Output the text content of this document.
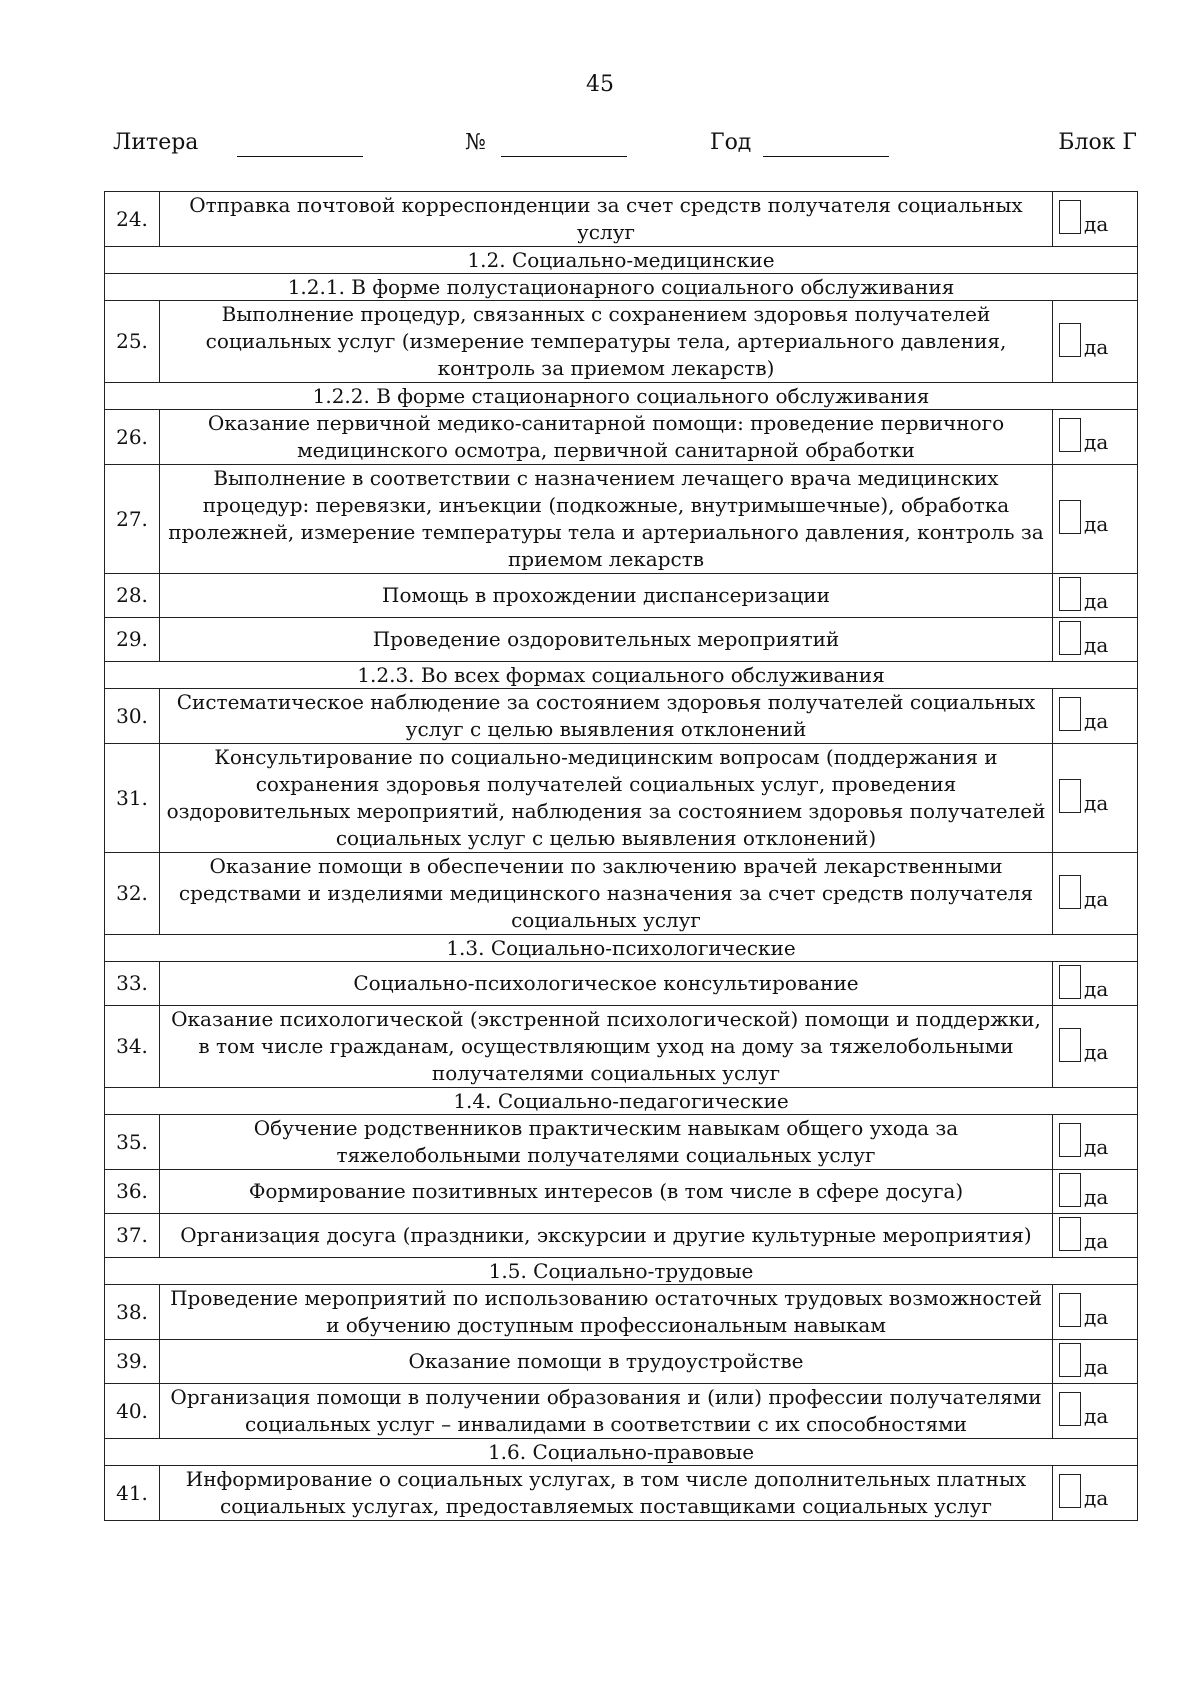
45
Литера	№	Год	Блок Г
24.	Отправка почтовой корреспонденции за счет средств получателя социальных услуг	да

1.2. Социально-медицинские		
1.2.1. В форме полустационарного социального обслуживания		
25.	Выполнение процедур, связанных с сохранением здоровья получателей социальных услуг (измерение температуры тела, артериального давления, контроль за приемом лекарств)	да

1.2.2. В форме стационарного социального обслуживания		
26.	Оказание первичной медико-санитарной помощи: проведение первичного медицинского осмотра, первичной санитарной обработки	да

27.	Выполнение в соответствии с назначением лечащего врача медицинских процедур: перевязки, инъекции (подкожные, внутримышечные), обработка пролежней, измерение температуры тела и артериального давления, контроль за приемом лекарств	да

28.	Помощь в прохождении диспансеризации	да

29.	Проведение оздоровительных мероприятий	да

1.2.3. Во всех формах социального обслуживания		
30.	Систематическое наблюдение за состоянием здоровья получателей социальных услуг с целью выявления отклонений	да

31.	Консультирование по социально-медицинским вопросам (поддержания и сохранения здоровья получателей социальных услуг, проведения оздоровительных мероприятий, наблюдения за состоянием здоровья получателей социальных услуг с целью выявления отклонений)	да

32.	Оказание помощи в обеспечении по заключению врачей лекарственными средствами и изделиями медицинского назначения за счет средств получателя социальных услуг	да

1.3. Социально-психологические		
33.	Социально-психологическое консультирование	да

34.	Оказание психологической (экстренной психологической) помощи и поддержки, в том числе гражданам, осуществляющим уход на дому за тяжелобольными получателями социальных услуг	да

1.4. Социально-педагогические		
35.	Обучение родственников практическим навыкам общего ухода за тяжелобольными получателями социальных услуг	да

36.	Формирование позитивных интересов (в том числе в сфере досуга)	да

37.	Организация досуга (праздники, экскурсии и другие культурные мероприятия)	да

1.5. Социально-трудовые		
38.	Проведение мероприятий по использованию остаточных трудовых возможностей и обучению доступным профессиональным навыкам	да

39.	Оказание помощи в трудоустройстве	да

40.	Организация помощи в получении образования и (или) профессии получателями социальных услуг – инвалидами в соответствии с их способностями	да

1.6. Социально-правовые		
41.	Информирование о социальных услугах, в том числе дополнительных платных социальных услугах, предоставляемых поставщиками социальных услуг	да
